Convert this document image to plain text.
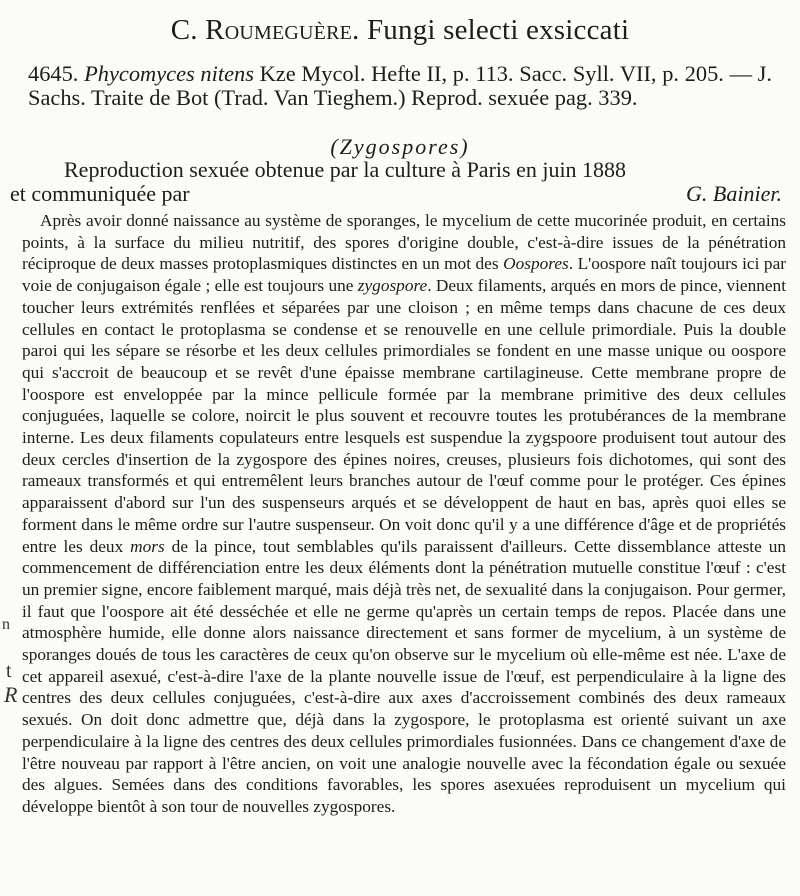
C. Roumeguère. Fungi selecti exsiccati
4645. Phycomyces nitens Kze Mycol. Hefte II, p. 113. Sacc. Syll. VII, p. 205. — J. Sachs. Traite de Bot (Trad. Van Tieghem.) Reprod. sexuée pag. 339.
(Zygospores)
Reproduction sexuée obtenue par la culture à Paris en juin 1888
et communiquée par	G. Bainier.

Après avoir donné naissance au système de sporanges, le mycelium de cette mucorinée produit, en certains points, à la surface du milieu nutritif, des spores d'origine double, c'est-à-dire issues de la pénétration réciproque de deux masses protoplasmiques distinctes en un mot des Oospores. L'oospore naît toujours ici par voie de conjugaison égale ; elle est toujours une zygospore. Deux filaments, arqués en mors de pince, viennent toucher leurs extrémités renflées et séparées par une cloison ; en même temps dans chacune de ces deux cellules en contact le protoplasma se condense et se renouvelle en une cellule primordiale. Puis la double paroi qui les sépare se résorbe et les deux cellules primordiales se fondent en une masse unique ou oospore qui s'accroit de beaucoup et se revêt d'une épaisse membrane cartilagineuse. Cette membrane propre de l'oospore est enveloppée par la mince pellicule formée par la membrane primitive des deux cellules conjuguées, laquelle se colore, noircit le plus souvent et recouvre toutes les protubérances de la membrane interne. Les deux filaments copulateurs entre lesquels est suspendue la zygspoore produisent tout autour des deux cercles d'insertion de la zygospore des épines noires, creuses, plusieurs fois dichotomes, qui sont des rameaux transformés et qui entremêlent leurs branches autour de l'œuf comme pour le protéger. Ces épines apparaissent d'abord sur l'un des suspenseurs arqués et se développent de haut en bas, après quoi elles se forment dans le même ordre sur l'autre suspenseur. On voit donc qu'il y a une différence d'âge et de propriétés entre les deux mors de la pince, tout semblables qu'ils paraissent d'ailleurs. Cette dissemblance atteste un commencement de différenciation entre les deux éléments dont la pénétration mutuelle constitue l'œuf : c'est un premier signe, encore faiblement marqué, mais déjà très net, de sexualité dans la conjugaison. Pour germer, il faut que l'oospore ait été desséchée et elle ne germe qu'après un certain temps de repos. Placée dans une atmosphère humide, elle donne alors naissance directement et sans former de mycelium, à un système de sporanges doués de tous les caractères de ceux qu'on observe sur le mycelium où elle-même est née. L'axe de cet appareil asexué, c'est-à-dire l'axe de la plante nouvelle issue de l'œuf, est perpendiculaire à la ligne des centres des deux cellules conjuguées, c'est-à-dire aux axes d'accroissement combinés des deux rameaux sexués. On doit donc admettre que, déjà dans la zygospore, le protoplasma est orienté suivant un axe perpendiculaire à la ligne des centres des deux cellules primordiales fusionnées. Dans ce changement d'axe de l'être nouveau par rapport à l'être ancien, on voit une analogie nouvelle avec la fécondation égale ou sexuée des algues. Semées dans des conditions favorables, les spores asexuées reproduisent un mycelium qui développe bientôt à son tour de nouvelles zygospores.

n
t
R
